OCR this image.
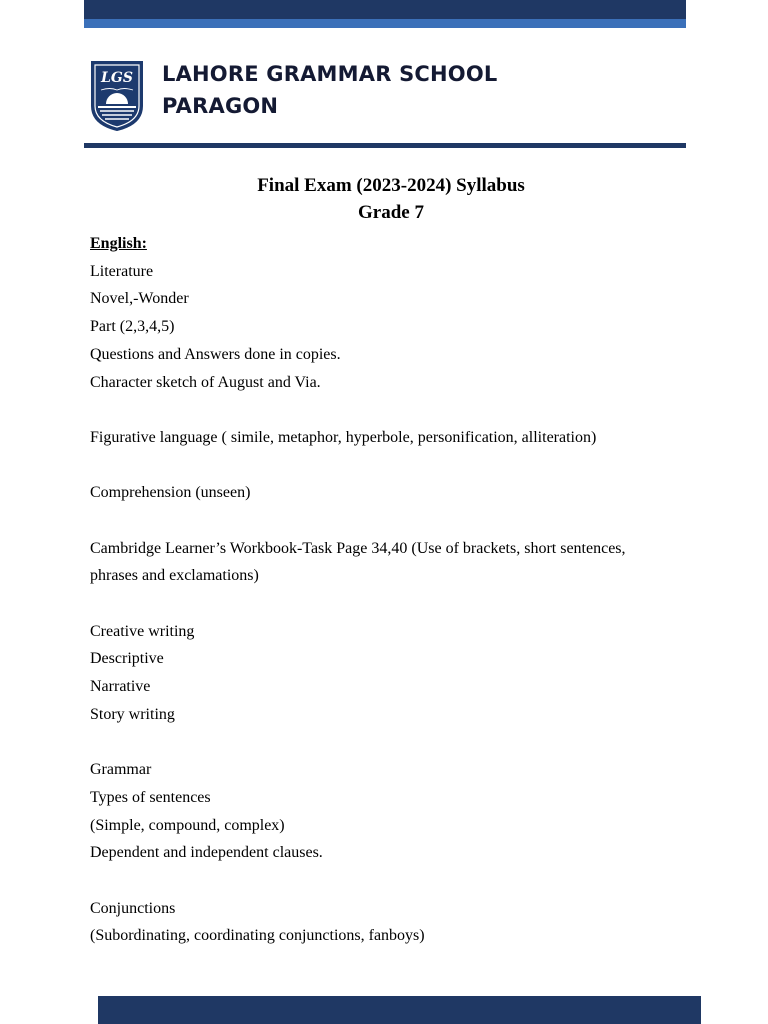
LGS LAHORE GRAMMAR SCHOOL
PARAGON
Final Exam (2023-2024) Syllabus
Grade 7
English:
Literature
Novel,-Wonder
Part (2,3,4,5)
Questions and Answers done in copies.
Character sketch of August and Via.
Figurative language ( simile, metaphor, hyperbole, personification, alliteration)
Comprehension (unseen)
Cambridge Learner’s Workbook-Task Page 34,40 (Use of brackets, short sentences,
phrases and exclamations)
Creative writing
Descriptive
Narrative
Story writing
Grammar
Types of sentences
(Simple, compound, complex)
Dependent and independent clauses.
Conjunctions
(Subordinating, coordinating conjunctions, fanboys)
